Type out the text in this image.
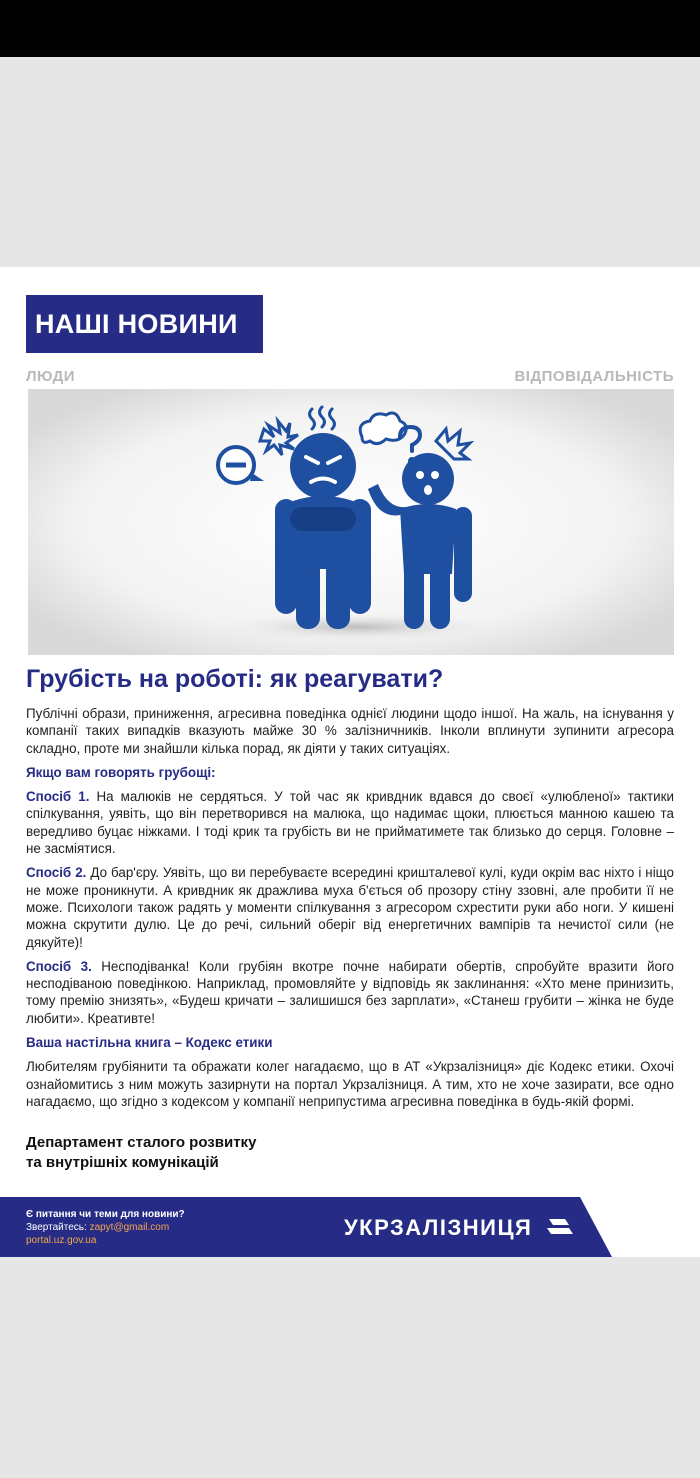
НАШІ НОВИНИ
ЛЮДИ	ВІДПОВІДАЛЬНІСТЬ
Грубість на роботі: як реагувати?

Публічні образи, приниження, агресивна поведінка однієї людини щодо іншої. На жаль, на існування у компанії таких випадків вказують майже 30 % залізничників. Інколи вплинути зупинити агресора складно, проте ми знайшли кілька порад, як діяти у таких ситуаціях.

Якщо вам говорять грубощі:

Спосіб 1. На малюків не сердяться. У той час як кривдник вдався до своєї «улюбленої» тактики спілкування, уявіть, що він перетворився на малюка, що надимає щоки, плюється манною кашею та вередливо буцає ніжками. І тоді крик та грубість ви не прийматимете так близько до серця. Головне – не засміятися.

Спосіб 2. До бар'єру. Уявіть, що ви перебуваєте всередині кришталевої кулі, куди окрім вас ніхто і ніщо не може проникнути. А кривдник як дражлива муха б'ється об прозору стіну ззовні, але пробити її не може. Психологи також радять у моменти спілкування з агресором схрестити руки або ноги. У кишені можна скрутити дулю. Це до речі, сильний оберіг від енергетичних вампірів та нечистої сили (не дякуйте)!

Спосіб 3. Несподіванка! Коли грубіян вкотре почне набирати обертів, спробуйте вразити його несподіваною поведінкою. Наприклад, промовляйте у відповідь як заклинання: «Хто мене принизить, тому премію знизять», «Будеш кричати – залишишся без зарплати», «Станеш грубити – жінка не буде любити». Креативте!

Ваша настільна книга – Кодекс етики

Любителям грубіянити та ображати колег нагадаємо, що в АТ «Укрзалізниця» діє Кодекс етики. Охочі ознайомитись з ним можуть зазирнути на портал Укрзалізниця. А тим, хто не хоче зазирати, все одно нагадаємо, що згідно з кодексом у компанії неприпустима агресивна поведінка в будь-якій формі.

Департамент сталого розвитку
та внутрішніх комунікацій
Є питання чи теми для новини?
Звертайтесь: zapyt@gmail.com
portal.uz.gov.ua
УКРЗАЛІЗНИЦЯ
